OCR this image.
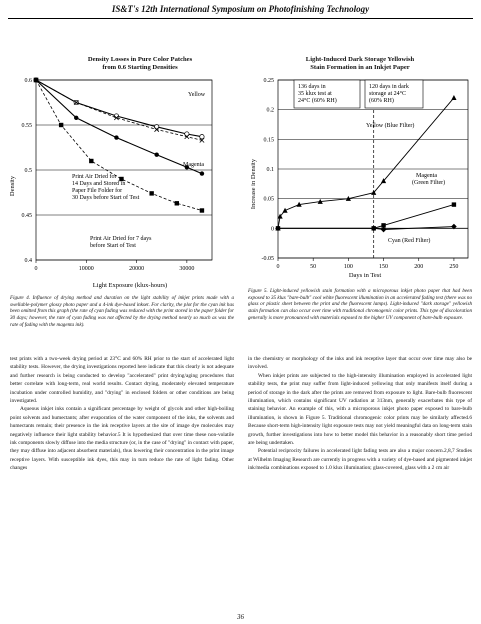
IS&T's 12th International Symposium on Photofinishing Technology
Density Losses in Pure Color Patches
from 0.6 Starting Densities
0.6
0.55
0.5
0.45
0.4
0	10000	20000	30000
Density
Light Exposure (klux-hours)
Yellow
Magenta
Print Air Dried for 14 Days and Stored in Paper File Folder for 30 Days before Start of Test
Print Air Dried for 7 days before Start of Test
Figure 4. Influence of drying method and duration on the light stability of inkjet prints made with a swellable-polymer glossy photo paper and a 4-ink dye-based inkset. For clarity, the plot for the cyan ink has been omitted from this graph (the rate of cyan fading was reduced with the print stored in the paper folder for 30 days; however, the rate of cyan fading was not affected by the drying method nearly so much as was the rate of fading with the magenta ink).
Light-Induced Dark Storage Yellowish
Stain Formation in an Inkjet Paper
0.25
0.2
0.15
0.1
0.05
0
-0.05
0	50	100	150	200	250
Increase in Density
Days in Test
136 days in 35 klux test at 24°C (60% RH)
120 days in dark storage at 24°C (60% RH)
Yellow (Blue Filter)
Magenta (Green Filter)
Cyan (Red Filter)
Figure 5. Light-induced yellowish stain formation with a microporous inkjet photo paper that had been exposed to 35 klux "bare-bulb" cool white fluorescent illumination in an accelerated fading test (there was no glass or plastic sheet between the print and the fluorescent lamps). Light-induced "dark storage" yellowish stain formation can also occur over time with traditional chromogenic color prints. This type of discoloration generally is more pronounced with materials exposed to the higher UV component of bare-bulb exposure.

test prints with a two-week drying period at 23°C and 60% RH prior to the start of accelerated light stability tests. However, the drying investigations reported here indicate that this clearly is not adequate and further research is being conducted to develop "accelerated" print drying/aging procedures that better correlate with long-term, real world results. Contact drying, moderately elevated temperature incubation under controlled humidity, and "drying" in enclosed folders or other conditions are being investigated.

Aqueous inkjet inks contain a significant percentage by weight of glycols and other high-boiling point solvents and humectants; after evaporation of the water component of the inks, the solvents and humectants remain; their presence in the ink receptive layers at the site of image dye molecules may negatively influence their light stability behavior.5 It is hypothesized that over time these non-volatile ink components slowly diffuse into the media structure (or, in the case of "drying" in contact with paper, they may diffuse into adjacent absorbent materials), thus lowering their concentration in the print image receptive layers. With susceptible ink dyes, this may in turn reduce the rate of light fading. Other changes

in the chemistry or morphology of the inks and ink receptive layer that occur over time may also be involved.

When inkjet prints are subjected to the high-intensity illumination employed in accelerated light stability tests, the print may suffer from light-induced yellowing that only manifests itself during a period of storage in the dark after the prints are removed from exposure to light. Bare-bulb fluorescent illumination, which contains significant UV radiation at 313nm, generally exacerbates this type of staining behavior. An example of this, with a microporous inkjet photo paper exposed to bare-bulb illumination, is shown in Figure 5. Traditional chromogenic color prints may be similarly affected.6 Because short-term high-intensity light exposure tests may not yield meaningful data on long-term stain growth, further investigations into how to better model this behavior in a reasonably short time period are being undertaken.

Potential reciprocity failures in accelerated light fading tests are also a major concern.2,8,7 Studies at Wilhelm Imaging Research are currently in progress with a variety of dye-based and pigmented inkjet ink/media combinations exposed to 1.0 klux illumination; glass-covered, glass with a 2 cm air

36
